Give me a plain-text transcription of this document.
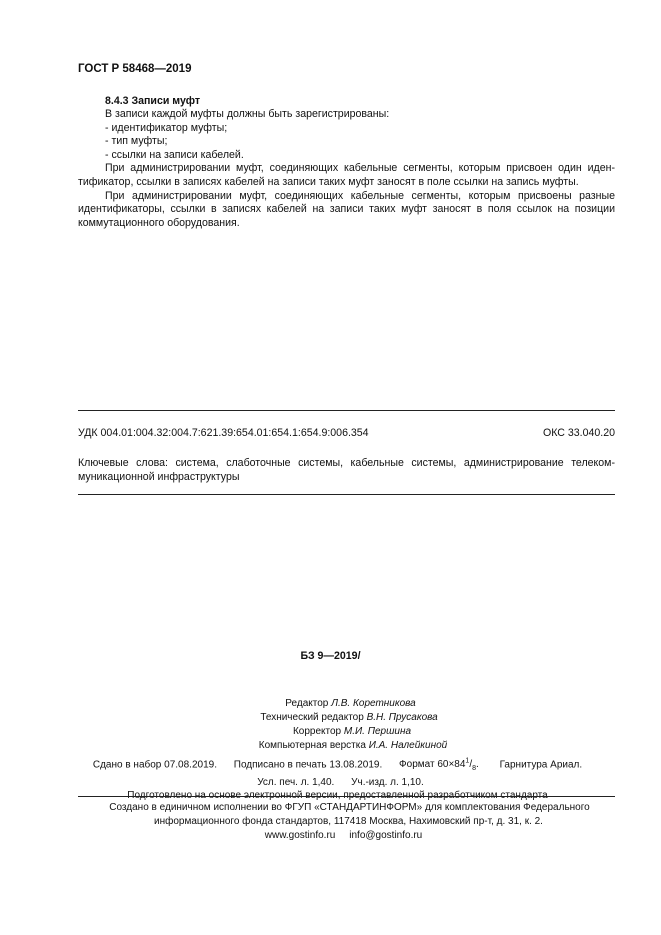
ГОСТ Р 58468—2019
8.4.3 Записи муфт
В записи каждой муфты должны быть зарегистрированы:
- идентификатор муфты;
- тип муфты;
- ссылки на записи кабелей.
При администрировании муфт, соединяющих кабельные сегменты, которым присвоен один иден-
тификатор, ссылки в записях кабелей на записи таких муфт заносят в поле ссылки на запись муфты.
При администрировании муфт, соединяющих кабельные сегменты, которым присвоены разные
идентификаторы, ссылки в записях кабелей на записи таких муфт заносят в поля ссылок на позиции
коммутационного оборудования.
УДК 004.01:004.32:004.7:621.39:654.01:654.1:654.9:006.354	ОКС 33.040.20
Ключевые слова: система, слаботочные системы, кабельные системы, администрирование телеком-
муникационной инфраструктуры
БЗ 9—2019/
Редактор Л.В. Коретникова
Технический редактор В.Н. Прусакова
Корректор М.И. Першина
Компьютерная верстка И.А. Налейкиной
Сдано в набор 07.08.2019. Подписано в печать 13.08.2019. Формат $60\times 84^1/_8$. Гарнитура Ариал.
Усл. печ. л. 1,40. Уч.-изд. л. 1,10.
Подготовлено на основе электронной версии, предоставленной разработчиком стандарта
Создано в единичном исполнении во ФГУП «СТАНДАРТИНФОРМ» для комплектования Федерального
информационного фонда стандартов, 117418 Москва, Нахимовский пр-т, д. 31, к. 2.
www.gostinfo.ru info@gostinfo.ru
